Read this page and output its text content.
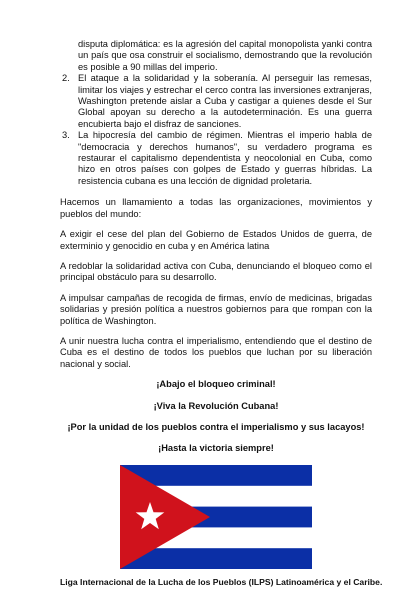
disputa diplomática: es la agresión del capital monopolista yanki contra un país que osa construir el socialismo, demostrando que la revolución es posible a 90 millas del imperio.

2. El ataque a la solidaridad y la soberanía. Al perseguir las remesas, limitar los viajes y estrechar el cerco contra las inversiones extranjeras, Washington pretende aislar a Cuba y castigar a quienes desde el Sur Global apoyan su derecho a la autodeterminación. Es una guerra encubierta bajo el disfraz de sanciones.

3. La hipocresía del cambio de régimen. Mientras el imperio habla de "democracia y derechos humanos", su verdadero programa es restaurar el capitalismo dependentista y neocolonial en Cuba, como hizo en otros países con golpes de Estado y guerras híbridas. La resistencia cubana es una lección de dignidad proletaria.

Hacemos un llamamiento a todas las organizaciones, movimientos y pueblos del mundo:

A exigir el cese del plan del Gobierno de Estados Unidos de guerra, de exterminio y genocidio en cuba y en América latina

A redoblar la solidaridad activa con Cuba, denunciando el bloqueo como el principal obstáculo para su desarrollo.

A impulsar campañas de recogida de firmas, envío de medicinas, brigadas solidarias y presión política a nuestros gobiernos para que rompan con la política de Washington.

A unir nuestra lucha contra el imperialismo, entendiendo que el destino de Cuba es el destino de todos los pueblos que luchan por su liberación nacional y social.

¡Abajo el bloqueo criminal!

¡Viva la Revolución Cubana!

¡Por la unidad de los pueblos contra el imperialismo y sus lacayos!

¡Hasta la victoria siempre!

Liga Internacional de la Lucha de los Pueblos (ILPS) Latinoamérica y el Caribe.
